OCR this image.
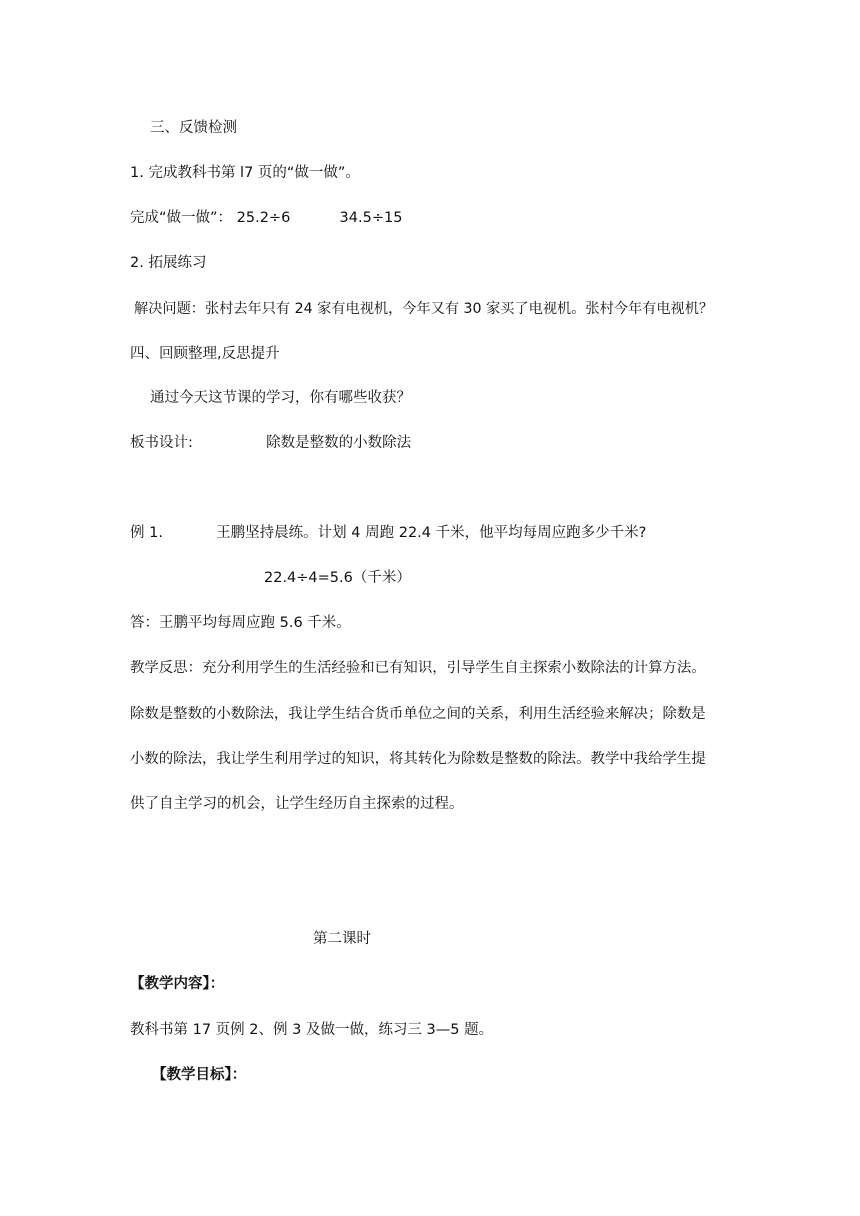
三、反馈检测
1. 完成教科书第 l7 页的“做一做”。
完成“做一做”： 25.2÷6	34.5÷15
2. 拓展练习
解决问题：张村去年只有 24 家有电视机，今年又有 30 家买了电视机。张村今年有电视机？
四、回顾整理,反思提升
通过今天这节课的学习，你有哪些收获？
板书设计:	除数是整数的小数除法
例 1.	王鹏坚持晨练。计划 4 周跑 22.4 千米，他平均每周应跑多少千米?
22.4÷4=5.6（千米）
答：王鹏平均每周应跑 5.6 千米。
教学反思：充分利用学生的生活经验和已有知识，引导学生自主探索小数除法的计算方法。
除数是整数的小数除法，我让学生结合货币单位之间的关系，利用生活经验来解决；除数是
小数的除法，我让学生利用学过的知识，将其转化为除数是整数的除法。教学中我给学生提
供了自主学习的机会，让学生经历自主探索的过程。
第二课时
【教学内容】：
教科书第 17 页例 2、例 3 及做一做，练习三 3—5 题。
【教学目标】：
